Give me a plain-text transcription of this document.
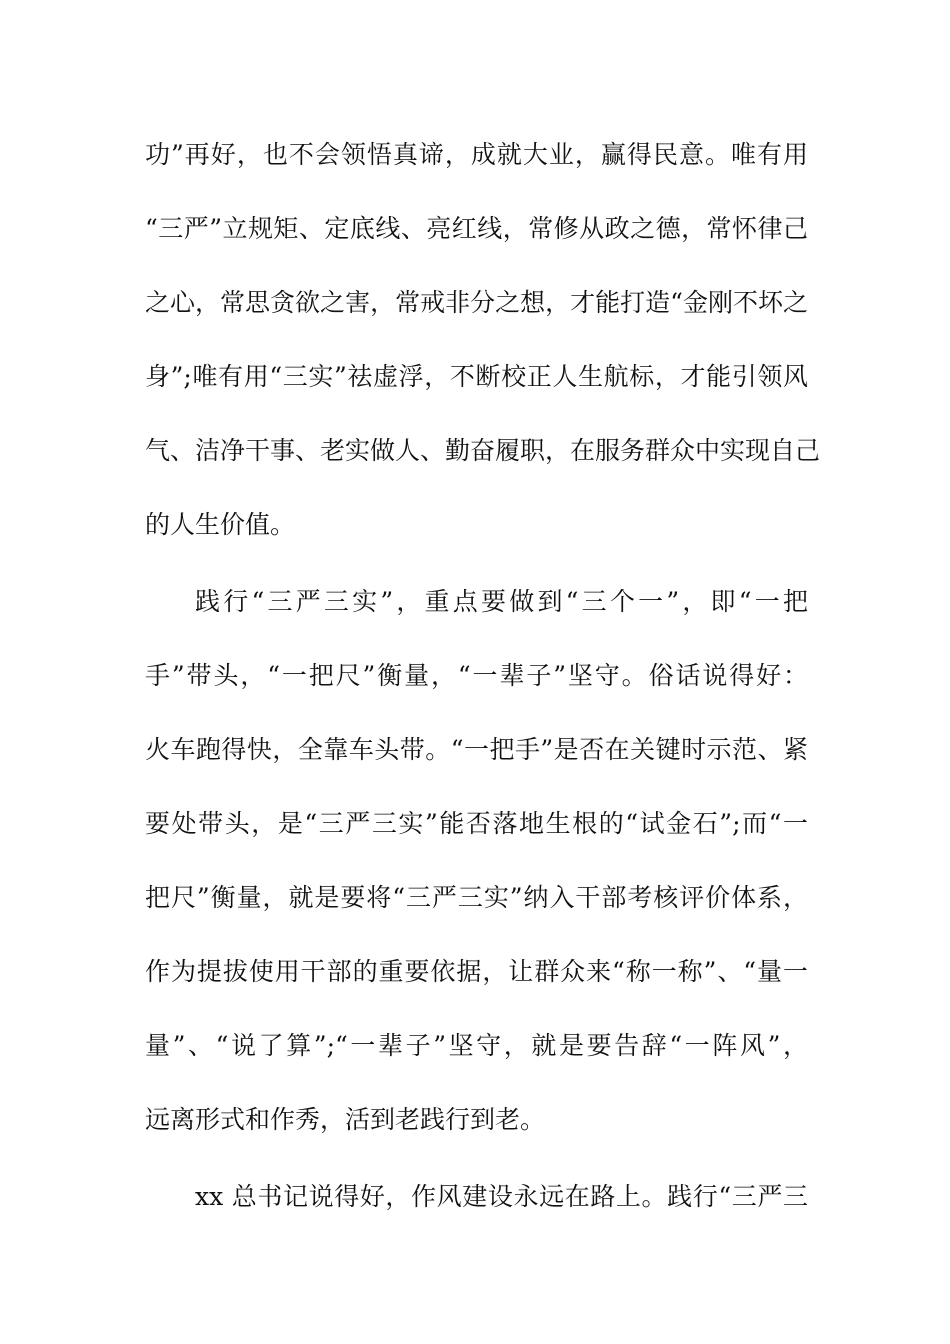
功”再好，也不会领悟真谛，成就大业，赢得民意。唯有用
“三严”立规矩、定底线、亮红线，常修从政之德，常怀律己
之心，常思贪欲之害，常戒非分之想，才能打造“金刚不坏之
身”;唯有用“三实”祛虚浮，不断校正人生航标，才能引领风
气、洁净干事、老实做人、勤奋履职，在服务群众中实现自己
的人生价值。
践行“三严三实”，重点要做到“三个一”，即“一把
手”带头，“一把尺”衡量，“一辈子”坚守。俗话说得好：
火车跑得快，全靠车头带。“一把手”是否在关键时示范、紧
要处带头，是“三严三实”能否落地生根的“试金石”;而“一
把尺”衡量，就是要将“三严三实”纳入干部考核评价体系，
作为提拔使用干部的重要依据，让群众来“称一称”、“量一
量”、“说了算”;“一辈子”坚守，就是要告辞“一阵风”，
远离形式和作秀，活到老践行到老。
xx 总书记说得好，作风建设永远在路上。践行“三严三
